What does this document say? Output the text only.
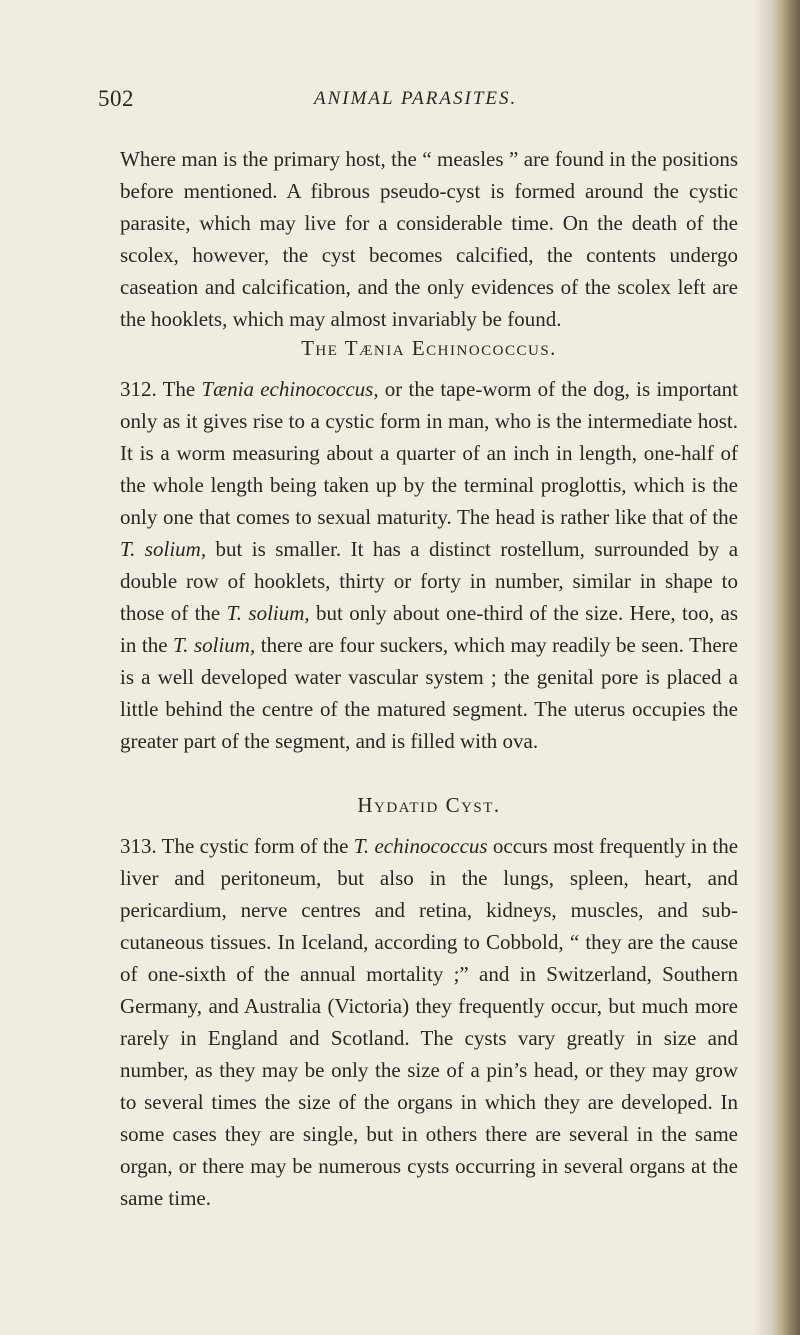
502	ANIMAL PARASITES.

Where man is the primary host, the “ measles ” are found in the positions before mentioned. A fibrous pseudo-cyst is formed around the cystic parasite, which may live for a considerable time. On the death of the scolex, however, the cyst becomes calcified, the contents undergo caseation and calcification, and the only evidences of the scolex left are the hooklets, which may almost invariably be found.

The Tænia Echinococcus.

312. The Tænia echinococcus, or the tape-worm of the dog, is important only as it gives rise to a cystic form in man, who is the intermediate host. It is a worm measuring about a quarter of an inch in length, one-half of the whole length being taken up by the terminal proglottis, which is the only one that comes to sexual maturity. The head is rather like that of the T. solium, but is smaller. It has a distinct rostellum, surrounded by a double row of hooklets, thirty or forty in number, similar in shape to those of the T. solium, but only about one-third of the size. Here, too, as in the T. solium, there are four suckers, which may readily be seen. There is a well developed water vascular system ; the genital pore is placed a little behind the centre of the matured segment. The uterus occupies the greater part of the segment, and is filled with ova.

Hydatid Cyst.

313. The cystic form of the T. echinococcus occurs most frequently in the liver and peritoneum, but also in the lungs, spleen, heart, and pericardium, nerve centres and retina, kidneys, muscles, and sub-cutaneous tissues. In Iceland, according to Cobbold, “ they are the cause of one-sixth of the annual mortality ;” and in Switzerland, Southern Germany, and Australia (Victoria) they frequently occur, but much more rarely in England and Scotland. The cysts vary greatly in size and number, as they may be only the size of a pin’s head, or they may grow to several times the size of the organs in which they are developed. In some cases they are single, but in others there are several in the same organ, or there may be numerous cysts occurring in several organs at the same time.
